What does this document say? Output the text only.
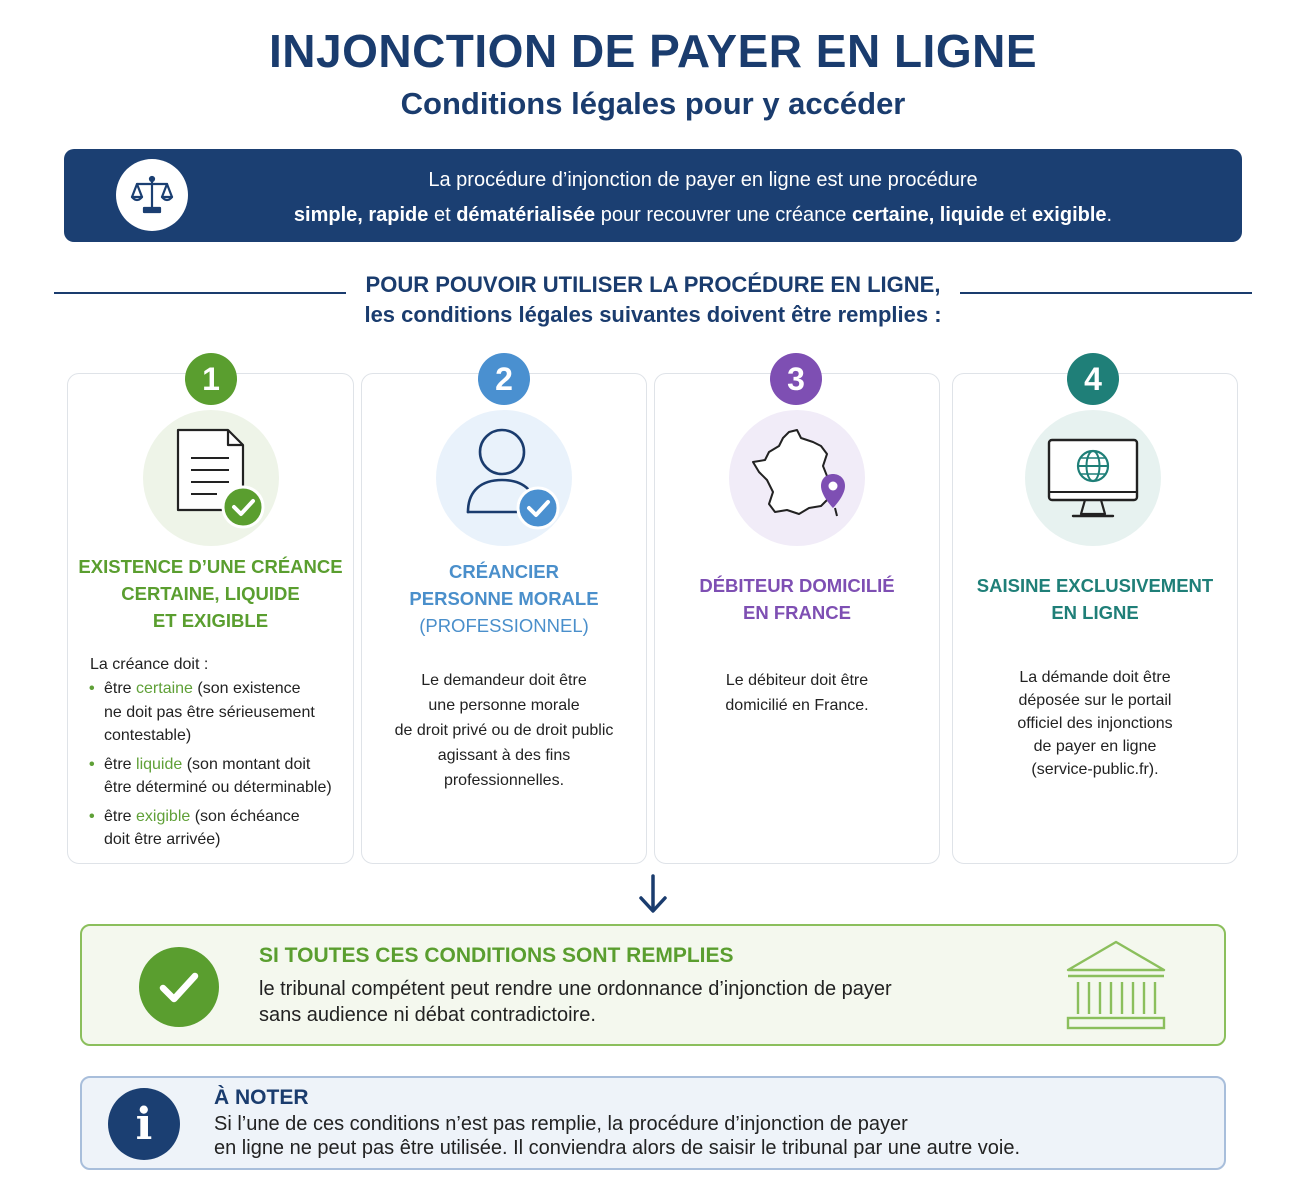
INJONCTION DE PAYER EN LIGNE
Conditions légales pour y accéder
La procédure d’injonction de payer en ligne est une procédure
simple, rapide et dématérialisée pour recouvrer une créance certaine, liquide et exigible.
POUR POUVOIR UTILISER LA PROCÉDURE EN LIGNE,
les conditions légales suivantes doivent être remplies :
EXISTENCE D’UNE CRÉANCE
CERTAINE, LIQUIDE
ET EXIGIBLE
La créance doit :
• être certaine (son existence
ne doit pas être sérieusement
contestable)
• être liquide (son montant doit
être déterminé ou déterminable)
• être exigible (son échéance
doit être arrivée)
1
CRÉANCIER
PERSONNE MORALE
(PROFESSIONNEL)
Le demandeur doit être
une personne morale
de droit privé ou de droit public
agissant à des fins
professionnelles.
2
DÉBITEUR DOMICILIÉ
EN FRANCE
Le débiteur doit être
domicilié en France.
3
SAISINE EXCLUSIVEMENT
EN LIGNE
La démande doit être
déposée sur le portail
officiel des injonctions
de payer en ligne
(service-public.fr).
4
SI TOUTES CES CONDITIONS SONT REMPLIES
le tribunal compétent peut rendre une ordonnance d’injonction de payer
sans audience ni débat contradictoire.
i
À NOTER
Si l’une de ces conditions n’est pas remplie, la procédure d’injonction de payer
en ligne ne peut pas être utilisée. Il conviendra alors de saisir le tribunal par une autre voie.
